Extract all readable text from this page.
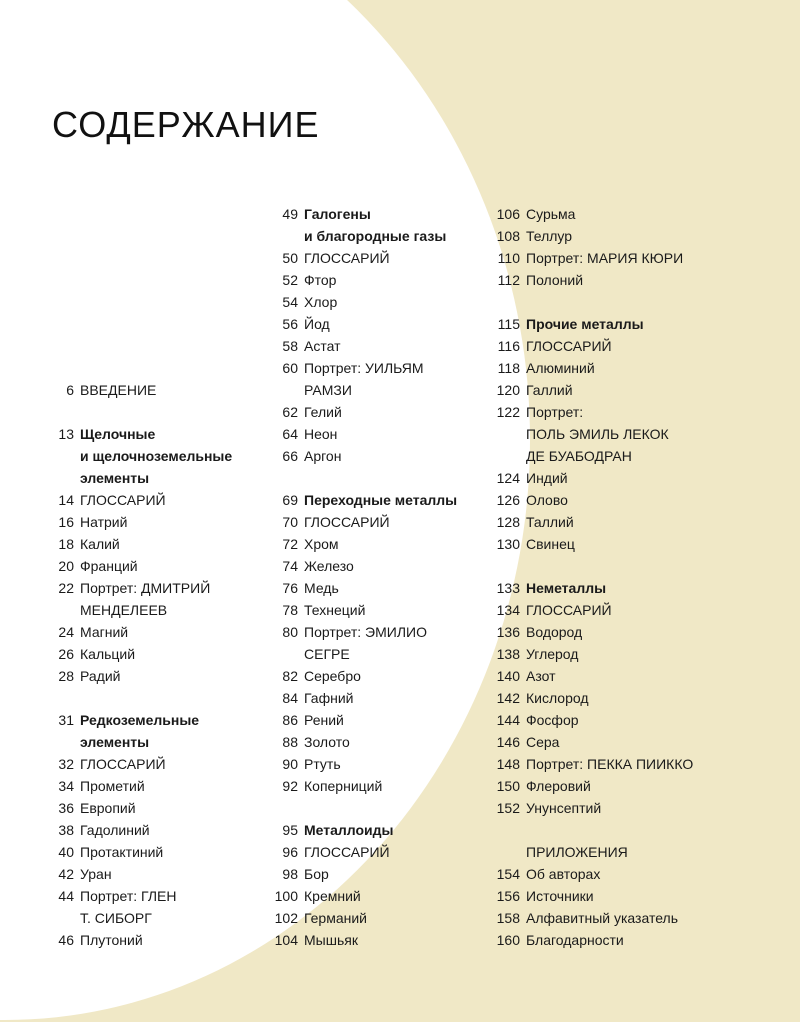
СОДЕРЖАНИЕ
6 ВВЕДЕНИЕ
13 Щелочные
и щелочноземельные
элементы
14 ГЛОССАРИЙ
16 Натрий
18 Калий
20 Франций
22 Портрет: ДМИТРИЙ
МЕНДЕЛЕЕВ
24 Магний
26 Кальций
28 Радий
31 Редкоземельные
элементы
32 ГЛОССАРИЙ
34 Прометий
36 Европий
38 Гадолиний
40 Протактиний
42 Уран
44 Портрет: ГЛЕН
Т. СИБОРГ
46 Плутоний
49 Галогены
и благородные газы
50 ГЛОССАРИЙ
52 Фтор
54 Хлор
56 Йод
58 Астат
60 Портрет: УИЛЬЯМ
РАМЗИ
62 Гелий
64 Неон
66 Аргон
69 Переходные металлы
70 ГЛОССАРИЙ
72 Хром
74 Железо
76 Медь
78 Технеций
80 Портрет: ЭМИЛИО
СЕГРЕ
82 Серебро
84 Гафний
86 Рений
88 Золото
90 Ртуть
92 Коперниций
95 Металлоиды
96 ГЛОССАРИЙ
98 Бор
100 Кремний
102 Германий
104 Мышьяк
106 Сурьма
108 Теллур
110 Портрет: МАРИЯ КЮРИ
112 Полоний
115 Прочие металлы
116 ГЛОССАРИЙ
118 Алюминий
120 Галлий
122 Портрет:
ПОЛЬ ЭМИЛЬ ЛЕКОК
ДЕ БУАБОДРАН
124 Индий
126 Олово
128 Таллий
130 Свинец
133 Неметаллы
134 ГЛОССАРИЙ
136 Водород
138 Углерод
140 Азот
142 Кислород
144 Фосфор
146 Сера
148 Портрет: ПЕККА ПИИККО
150 Флеровий
152 Унунсептий
ПРИЛОЖЕНИЯ
154 Об авторах
156 Источники
158 Алфавитный указатель
160 Благодарности
